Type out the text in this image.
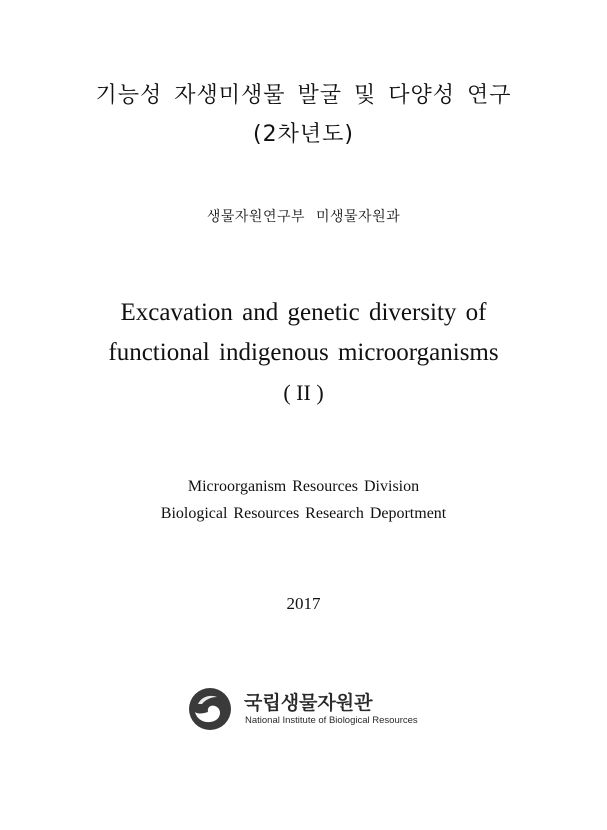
기능성 자생미생물 발굴 및 다양성 연구
(2차년도)
생물자원연구부 미생물자원과
Excavation and genetic diversity of
functional indigenous microorganisms
( II )
Microorganism Resources Division
Biological Resources Research Deportment
2017
국립생물자원관
National Institute of Biological Resources
